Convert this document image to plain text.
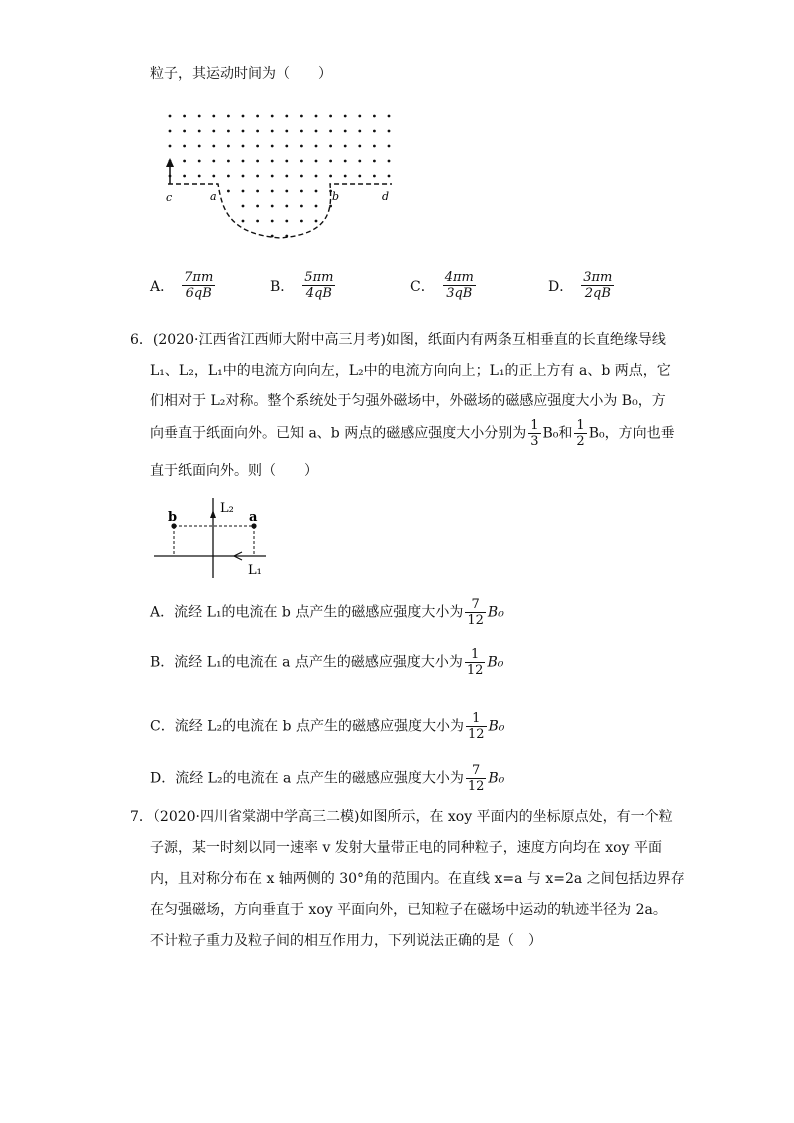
粒子，其运动时间为（　　）
c	a	b	d
A． $\frac{7\pi m}{6qB}$	B． $\frac{5\pi m}{4qB}$	C． $\frac{4\pi m}{3qB}$	D． $\frac{3\pi m}{2qB}$
6．(2020·江西省江西师大附中高三月考)如图，纸面内有两条互相垂直的长直绝缘导线
L₁、L₂，L₁中的电流方向向左，L₂中的电流方向向上；L₁的正上方有 a、b 两点，它
们相对于 L₂对称。整个系统处于匀强外磁场中，外磁场的磁感应强度大小为 B₀，方
向垂直于纸面向外。已知 a、b 两点的磁感应强度大小分别为 $\frac{1}{3} B_0$和 $\frac{1}{2} B_0$，方向也垂
直于纸面向外。则（　　）
b	a
L₂
L₁
A．流经 L₁的电流在 b 点产生的磁感应强度大小为 $\frac{7}{12} B_0$
B．流经 L₁的电流在 a 点产生的磁感应强度大小为 $\frac{1}{12} B_0$
C．流经 L₂的电流在 b 点产生的磁感应强度大小为 $\frac{1}{12} B_0$
D．流经 L₂的电流在 a 点产生的磁感应强度大小为 $\frac{7}{12} B_0$
7．（2020·四川省棠湖中学高三二模)如图所示，在 xoy 平面内的坐标原点处，有一个粒
子源，某一时刻以同一速率 v 发射大量带正电的同种粒子，速度方向均在 xoy 平面
内，且对称分布在 x 轴两侧的 30°角的范围内。在直线 x=a 与 x=2a 之间包括边界存
在匀强磁场，方向垂直于 xoy 平面向外，已知粒子在磁场中运动的轨迹半径为 2a。
不计粒子重力及粒子间的相互作用力，下列说法正确的是（　）
